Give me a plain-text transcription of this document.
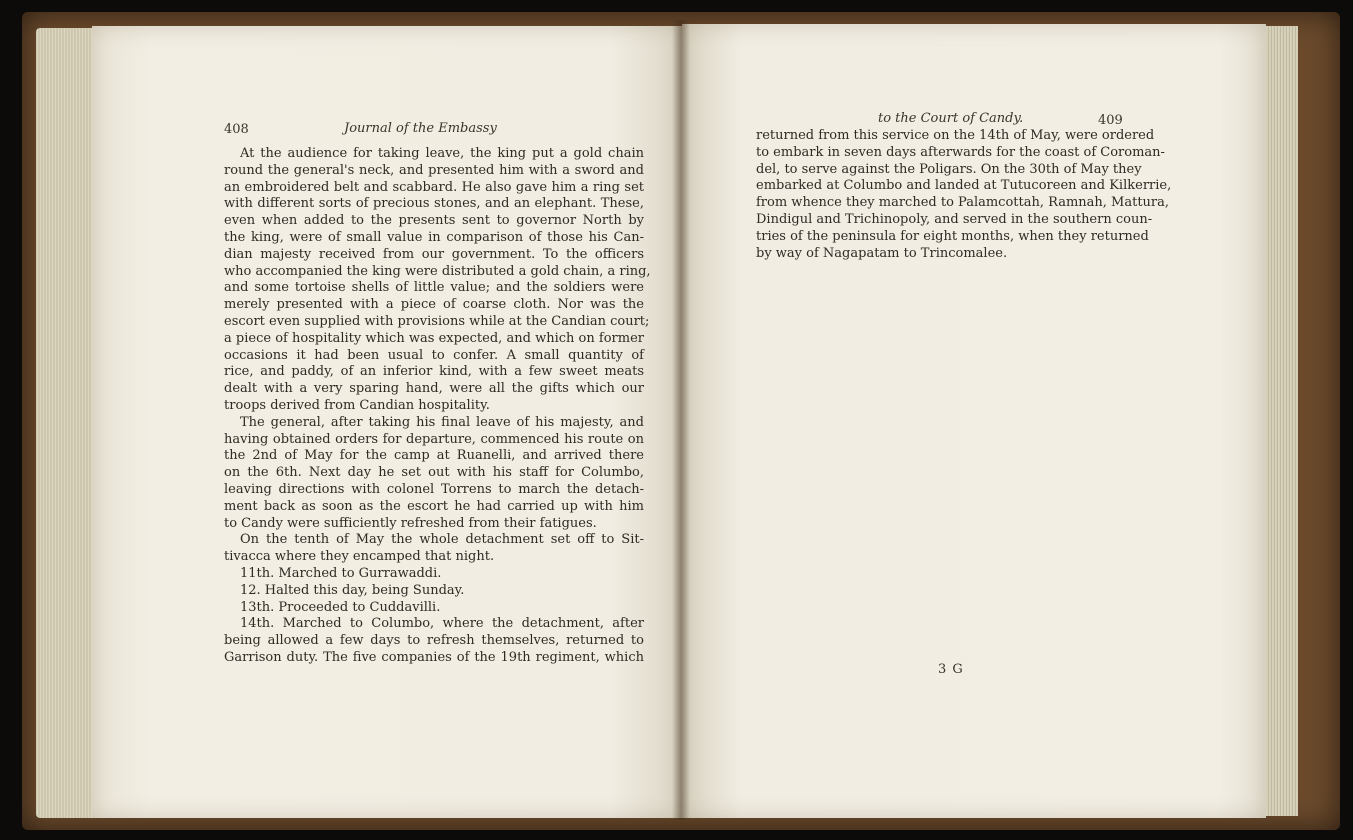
408	Journal of the Embassy
to the Court of Candy.	409
At the audience for taking leave, the king put a gold chain
round the general's neck, and presented him with a sword and
an embroidered belt and scabbard. He also gave him a ring set
with different sorts of precious stones, and an elephant. These,
even when added to the presents sent to governor North by
the king, were of small value in comparison of those his Can-
dian majesty received from our government. To the officers
who accompanied the king were distributed a gold chain, a ring,
and some tortoise shells of little value; and the soldiers were
merely presented with a piece of coarse cloth. Nor was the
escort even supplied with provisions while at the Candian court;
a piece of hospitality which was expected, and which on former
occasions it had been usual to confer. A small quantity of
rice, and paddy, of an inferior kind, with a few sweet meats
dealt with a very sparing hand, were all the gifts which our
troops derived from Candian hospitality.
The general, after taking his final leave of his majesty, and
having obtained orders for departure, commenced his route on
the 2nd of May for the camp at Ruanelli, and arrived there
on the 6th. Next day he set out with his staff for Columbo,
leaving directions with colonel Torrens to march the detach-
ment back as soon as the escort he had carried up with him
to Candy were sufficiently refreshed from their fatigues.
On the tenth of May the whole detachment set off to Sit-
tivacca where they encamped that night.
11th. Marched to Gurrawaddi.
12. Halted this day, being Sunday.
13th. Proceeded to Cuddavilli.
14th. Marched to Columbo, where the detachment, after
being allowed a few days to refresh themselves, returned to
Garrison duty. The five companies of the 19th regiment, which
returned from this service on the 14th of May, were ordered
to embark in seven days afterwards for the coast of Coroman-
del, to serve against the Poligars. On the 30th of May they
embarked at Columbo and landed at Tutucoreen and Kilkerrie,
from whence they marched to Palamcottah, Ramnah, Mattura,
Dindigul and Trichinopoly, and served in the southern coun-
tries of the peninsula for eight months, when they returned
by way of Nagapatam to Trincomalee.
3 G
